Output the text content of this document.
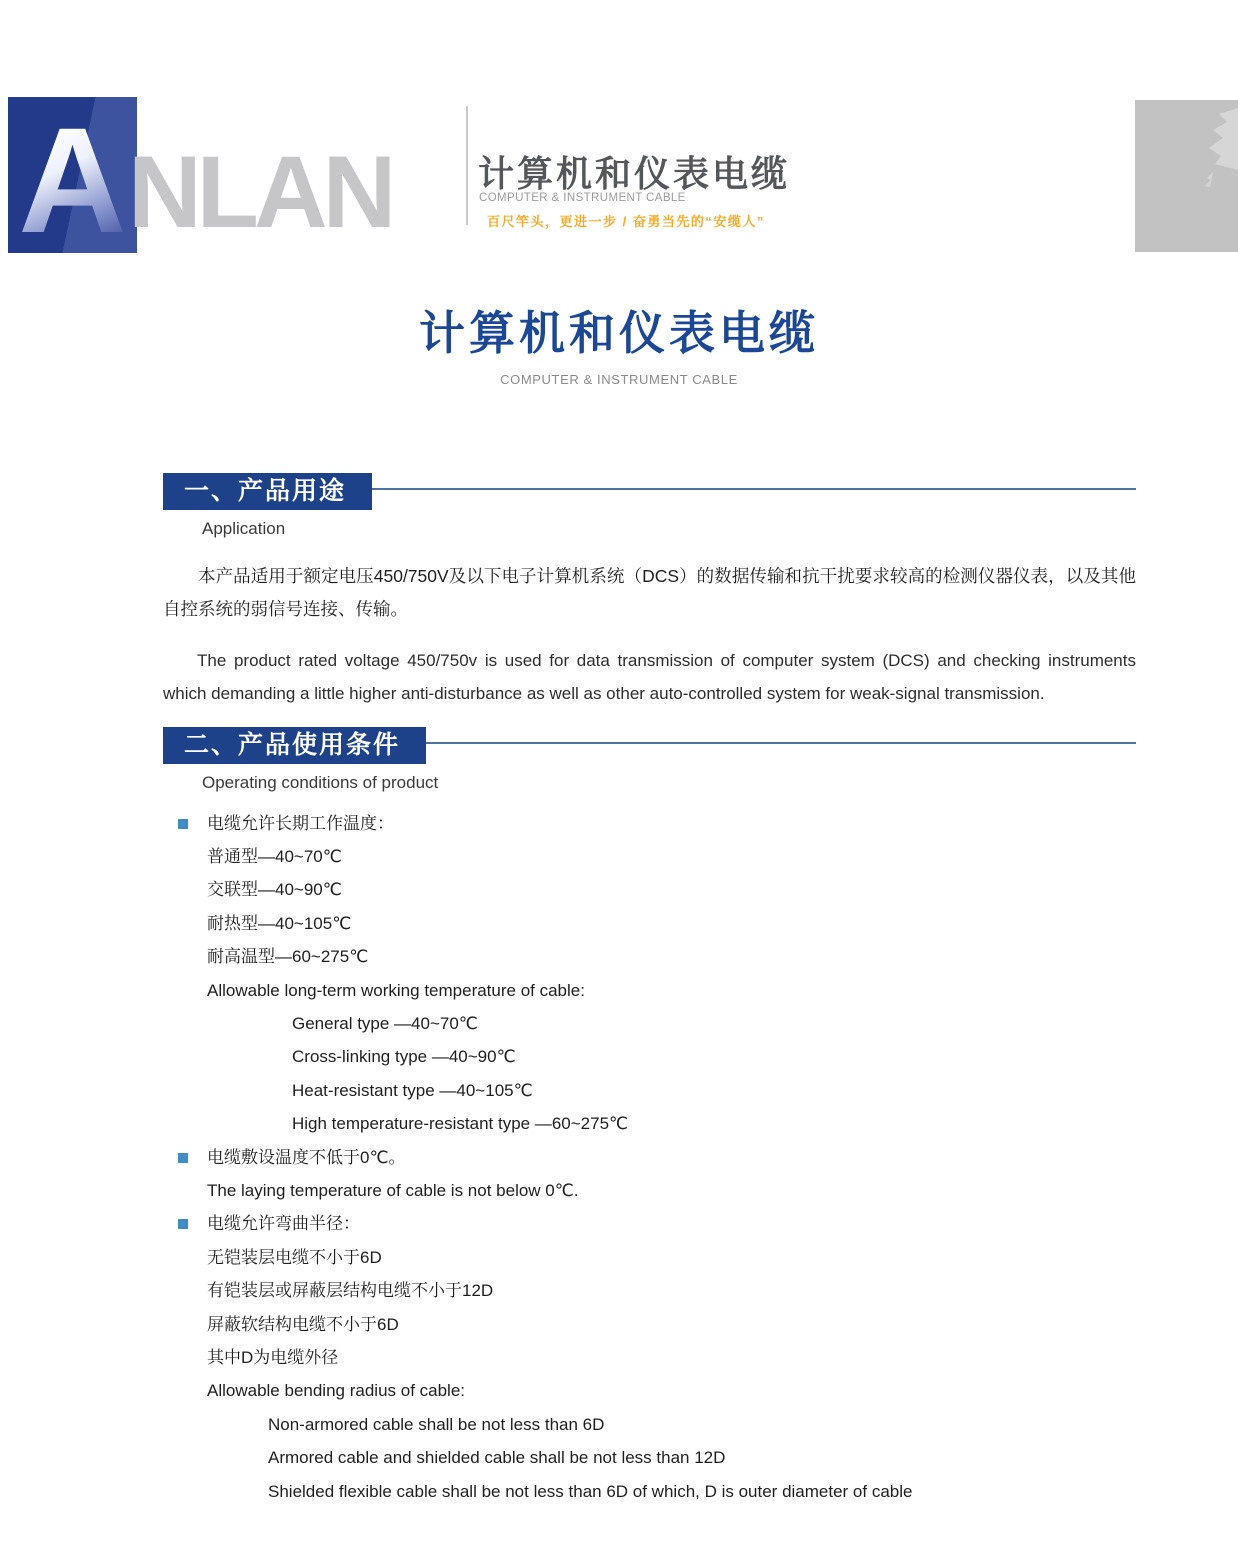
A NLAN 计算机和仪表电缆
COMPUTER & INSTRUMENT CABLE
百尺竿头，更进一步 / 奋勇当先的“安缆人”
计算机和仪表电缆
COMPUTER & INSTRUMENT CABLE
一、产品用途
Application

本产品适用于额定电压450/750V及以下电子计算机系统（DCS）的数据传输和抗干扰要求较高的检测仪器仪表，以及其他自控系统的弱信号连接、传输。

The product rated voltage 450/750v is used for data transmission of computer system (DCS) and checking instruments which demanding a little higher anti-disturbance as well as other auto-controlled system for weak-signal transmission.

二、产品使用条件
Operating conditions of product
电缆允许长期工作温度：
普通型—40~70℃
交联型—40~90℃
耐热型—40~105℃
耐高温型—60~275℃
Allowable long-term working temperature of cable:
General type —40~70℃
Cross-linking type —40~90℃
Heat-resistant type —40~105℃
High temperature-resistant type —60~275℃
电缆敷设温度不低于0℃。
The laying temperature of cable is not below 0℃.
电缆允许弯曲半径：
无铠装层电缆不小于6D
有铠装层或屏蔽层结构电缆不小于12D
屏蔽软结构电缆不小于6D
其中D为电缆外径
Allowable bending radius of cable:
Non-armored cable shall be not less than 6D
Armored cable and shielded cable shall be not less than 12D
Shielded flexible cable shall be not less than 6D of which, D is outer diameter of cable
